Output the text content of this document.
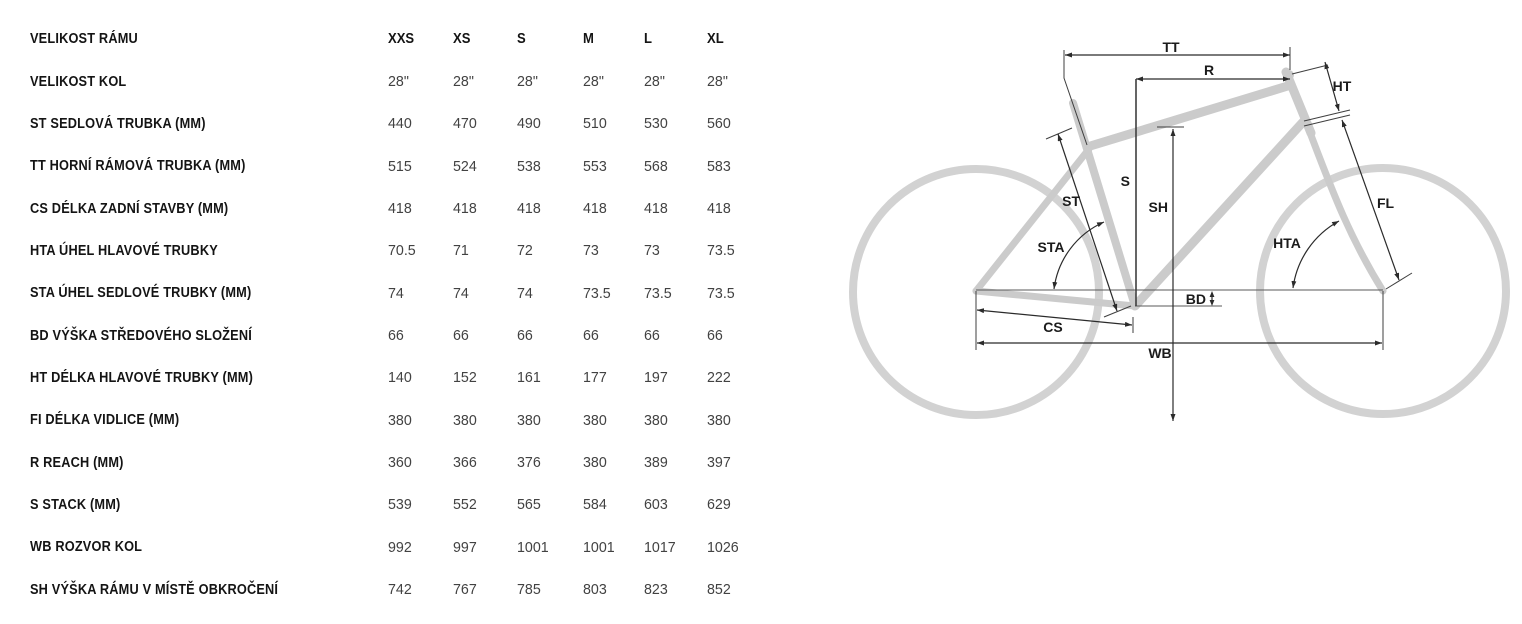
VELIKOST RÁMU	XXS	XS	S	M	L	XL
VELIKOST KOL	28"	28"	28"	28"	28"	28"
ST SEDLOVÁ TRUBKA (MM)	440	470	490	510 530	560
TT HORNÍ RÁMOVÁ TRUBKA (MM)	515	524	538	553 568	583
CS DÉLKA ZADNÍ STAVBY (MM)	418	418	418	418 418	418
HTA ÚHEL HLAVOVÉ TRUBKY	70.5 71	72	73	73	73.5
STA ÚHEL SEDLOVÉ TRUBKY (MM)	74	74	74	73.5 73.5 73.5
BD VÝŠKA STŘEDOVÉHO SLOŽENÍ	66	66	66	66	66	66
HT DÉLKA HLAVOVÉ TRUBKY (MM)	140	152	161	177 197	222
FI DÉLKA VIDLICE (MM)	380	380	380	380 380	380
R REACH (MM)	360	366	376	380 389	397
S STACK (MM)	539	552	565	584 603	629
WB ROZVOR KOL	992	997	1001 1001 1017 1026
SH VÝŠKA RÁMU V MÍSTĚ OBKROČENÍ	742	767	785	803 823	852
TT
R
HT
S
SH
ST
STA	HTA
FL
BD
CS
WB
